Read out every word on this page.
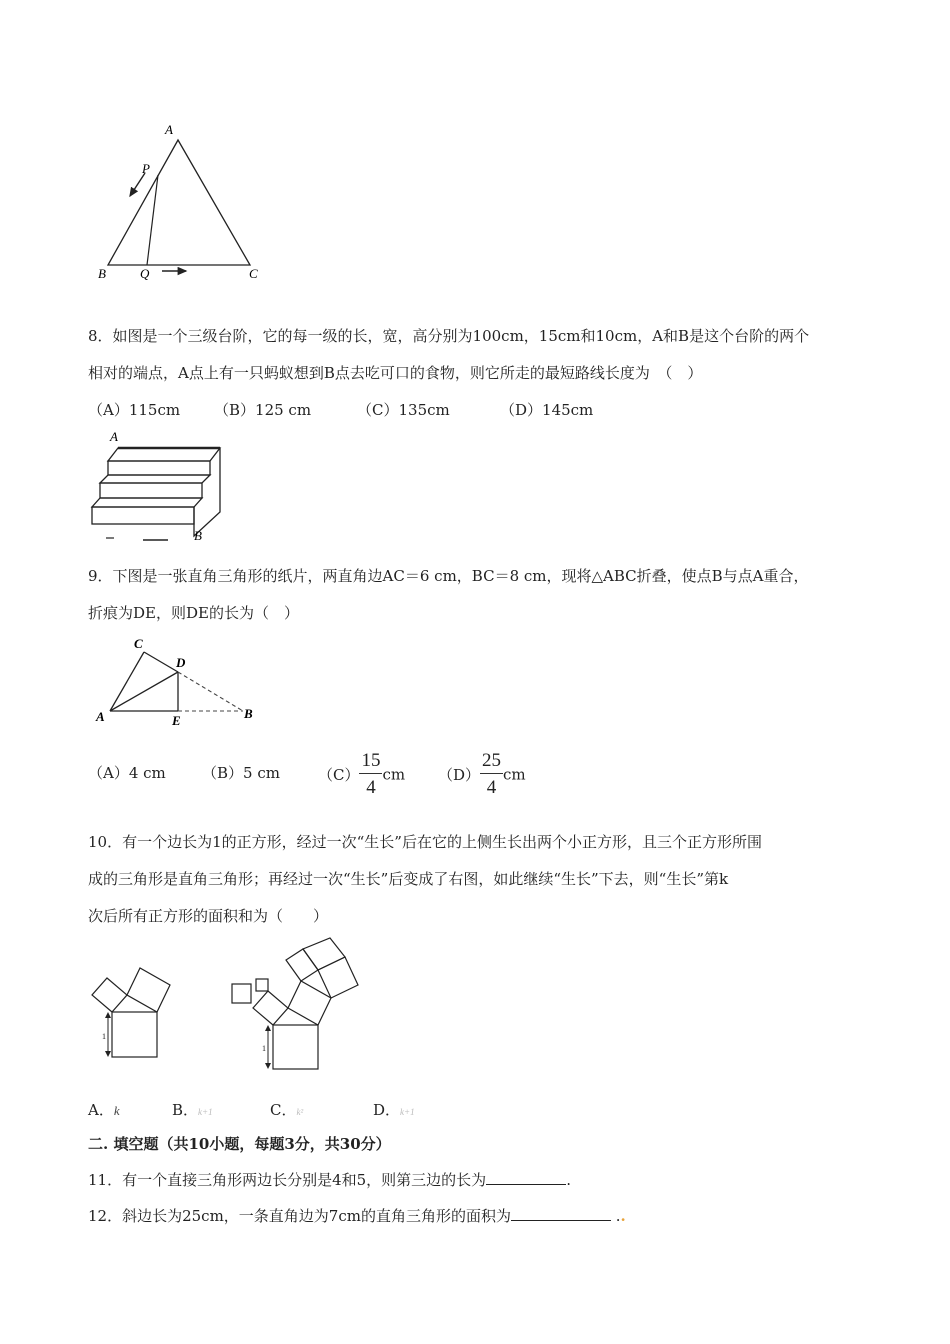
A
P
B	Q	C
8．如图是一个三级台阶，它的每一级的长，宽，高分别为100cm，15cm和10cm，A和B是这个台阶的两个
相对的端点，A点上有一只蚂蚁想到B点去吃可口的食物，则它所走的最短路线长度为　（　）
（A）115cm （B）125 cm	（C）135cm	（D）145cm
A
B
9．下图是一张直角三角形的纸片，两直角边AC＝6 cm，BC＝8 cm，现将△ABC折叠，使点B与点A重合，
折痕为DE，则DE的长为（　）
C
D
A	E	B
（A）4 cm （B）5 cm	$(C) \frac{15}{4}$ cm $(D) \frac{25}{4}$ cm
10．有一个边长为1的正方形，经过一次“生长”后在它的上侧生长出两个小正方形，且三个正方形所围
成的三角形是直角三角形；再经过一次“生长”后变成了右图，如此继续“生长”下去，则“生长”第k
次后所有正方形的面积和为（　　）
1
1
A．k	B．k+1	C．k²	D．k+1
二. 填空题（共10小题，每题3分，共30分）
11．有一个直接三角形两边长分别是4和5，则第三边的长为	.
12．斜边长为25cm，一条直角边为7cm的直角三角形的面积为	..
